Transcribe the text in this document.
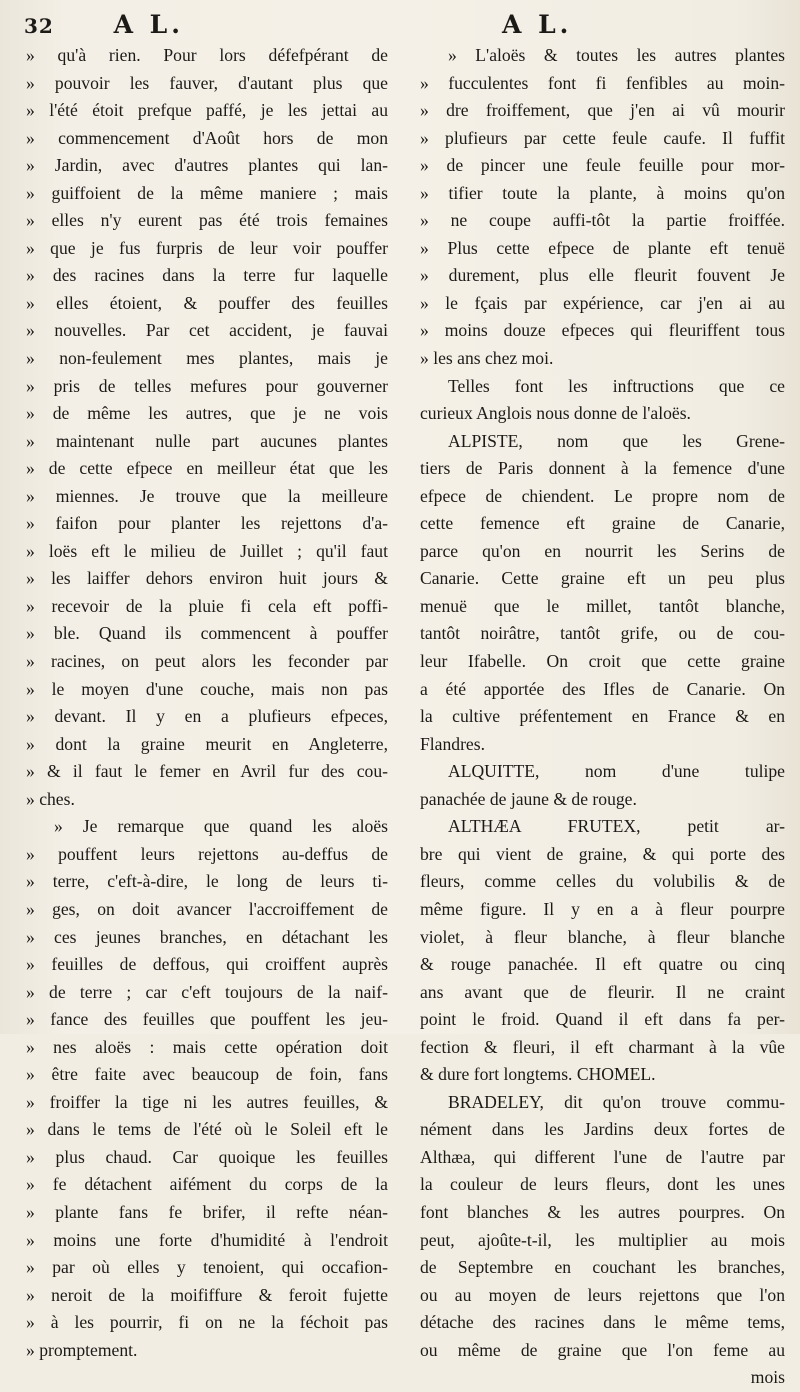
32 A L.	A L.
» qu'à rien. Pour lors défefpérant de
» pouvoir les fauver, d'autant plus que
» l'été étoit prefque paffé, je les jettai au
» commencement d'Août hors de mon
» Jardin, avec d'autres plantes qui lan-
» guiffoient de la même maniere ; mais
» elles n'y eurent pas été trois femaines
» que je fus furpris de leur voir pouffer
» des racines dans la terre fur laquelle
» elles étoient, & pouffer des feuilles
» nouvelles. Par cet accident, je fauvai
» non-feulement mes plantes, mais je
» pris de telles mefures pour gouverner
» de même les autres, que je ne vois
» maintenant nulle part aucunes plantes
» de cette efpece en meilleur état que les
» miennes. Je trouve que la meilleure
» faifon pour planter les rejettons d'a-
» loës eft le milieu de Juillet ; qu'il faut
» les laiffer dehors environ huit jours &
» recevoir de la pluie fi cela eft poffi-
» ble. Quand ils commencent à pouffer
» racines, on peut alors les feconder par
» le moyen d'une couche, mais non pas
» devant. Il y en a plufieurs efpeces,
» dont la graine meurit en Angleterre,
» & il faut le femer en Avril fur des cou-
» ches.
» Je remarque que quand les aloës
» pouffent leurs rejettons au-deffus de
» terre, c'eft-à-dire, le long de leurs ti-
» ges, on doit avancer l'accroiffement de
» ces jeunes branches, en détachant les
» feuilles de deffous, qui croiffent auprès
» de terre ; car c'eft toujours de la naif-
» fance des feuilles que pouffent les jeu-
» nes aloës : mais cette opération doit
» être faite avec beaucoup de foin, fans
» froiffer la tige ni les autres feuilles, &
» dans le tems de l'été où le Soleil eft le
» plus chaud. Car quoique les feuilles
» fe détachent aifément du corps de la
» plante fans fe brifer, il refte néan-
» moins une forte d'humidité à l'endroit
» par où elles y tenoient, qui occafion-
» neroit de la moififfure & feroit fujette
» à les pourrir, fi on ne la féchoit pas
» promptement.
» L'aloës & toutes les autres plantes
» fucculentes font fi fenfibles au moin-
» dre froiffement, que j'en ai vû mourir
» plufieurs par cette feule caufe. Il fuffit
» de pincer une feule feuille pour mor-
» tifier toute la plante, à moins qu'on
» ne coupe auffi-tôt la partie froiffée.
» Plus cette efpece de plante eft tenuë
» durement, plus elle fleurit fouvent Je
» le fçais par expérience, car j'en ai au
» moins douze efpeces qui fleuriffent tous
» les ans chez moi.
Telles font les inftructions que ce
curieux Anglois nous donne de l'aloës.
ALPISTE, nom que les Grene-
tiers de Paris donnent à la femence d'une
efpece de chiendent. Le propre nom de
cette femence eft graine de Canarie,
parce qu'on en nourrit les Serins de
Canarie. Cette graine eft un peu plus
menuë que le millet, tantôt blanche,
tantôt noirâtre, tantôt grife, ou de cou-
leur Ifabelle. On croit que cette graine
a été apportée des Ifles de Canarie. On
la cultive préfentement en France & en
Flandres.
ALQUITTE, nom d'une tulipe
panachée de jaune & de rouge.
ALTHÆA FRUTEX, petit ar-
bre qui vient de graine, & qui porte des
fleurs, comme celles du volubilis & de
même figure. Il y en a à fleur pourpre
violet, à fleur blanche, à fleur blanche
& rouge panachée. Il eft quatre ou cinq
ans avant que de fleurir. Il ne craint
point le froid. Quand il eft dans fa per-
fection & fleuri, il eft charmant à la vûe
& dure fort longtems. CHOMEL.
BRADELEY, dit qu'on trouve commu-
nément dans les Jardins deux fortes de
Althæa, qui different l'une de l'autre par
la couleur de leurs fleurs, dont les unes
font blanches & les autres pourpres. On
peut, ajoûte-t-il, les multiplier au mois
de Septembre en couchant les branches,
ou au moyen de leurs rejettons que l'on
détache des racines dans le même tems,
ou même de graine que l'on feme au
mois
